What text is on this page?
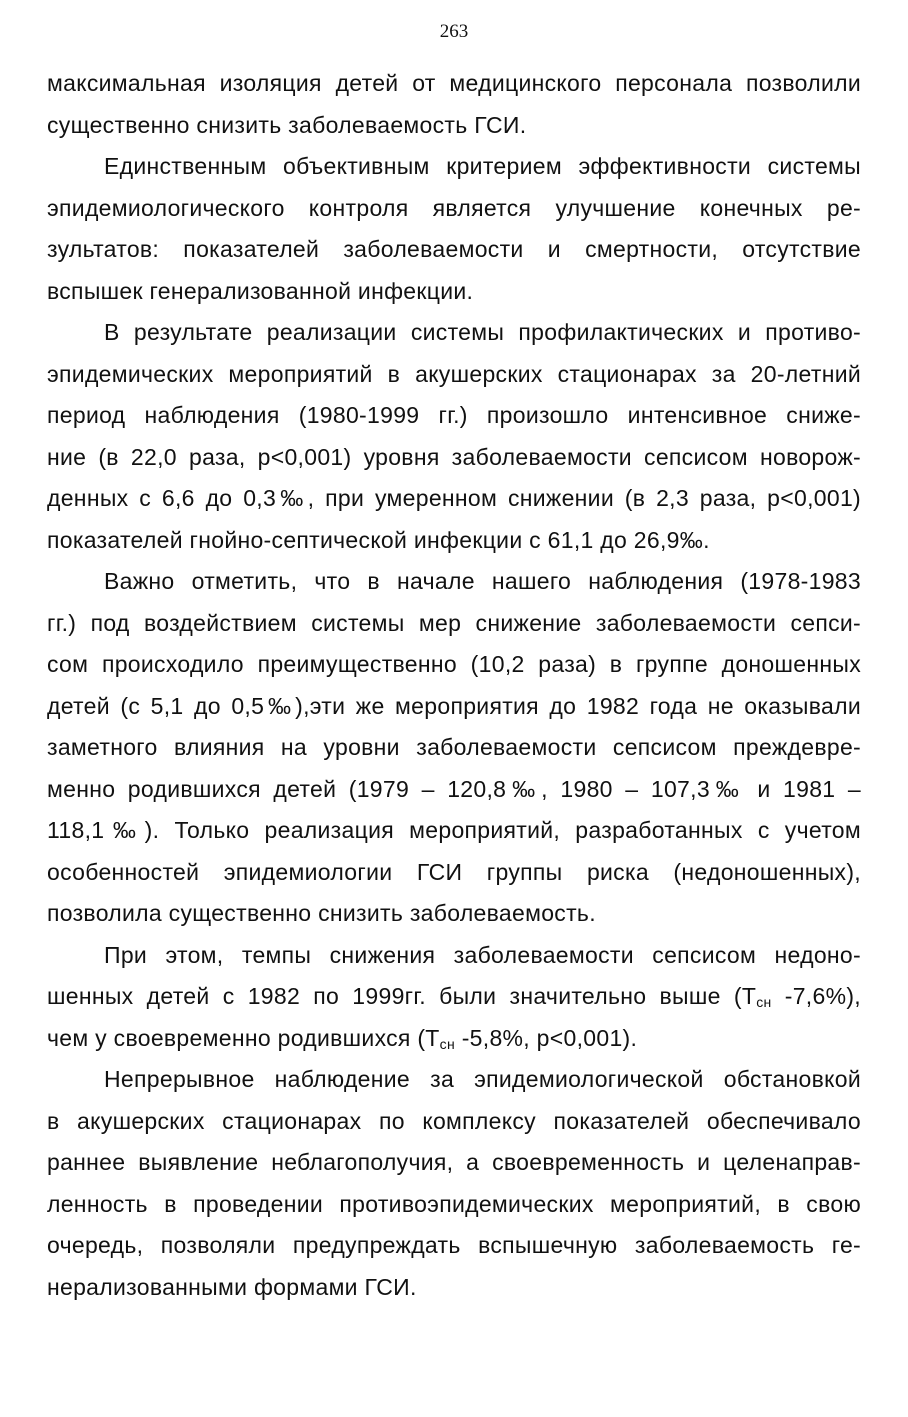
263
максимальная изоляция детей от медицинского персонала позволили
существенно снизить заболеваемость ГСИ.
Единственным объективным критерием эффективности системы
эпидемиологического контроля является улучшение конечных ре-
зультатов: показателей заболеваемости и смертности, отсутствие
вспышек генерализованной инфекции.
В результате реализации системы профилактических и противо-
эпидемических мероприятий в акушерских стационарах за 20-летний
период наблюдения (1980-1999 гг.) произошло интенсивное сниже-
ние (в 22,0 раза, р<0,001) уровня заболеваемости сепсисом новорож-
денных с 6,6 до 0,3‰, при умеренном снижении (в 2,3 раза, р<0,001)
показателей гнойно-септической инфекции с 61,1 до 26,9‰.
Важно отметить, что в начале нашего наблюдения (1978-1983
гг.) под воздействием системы мер снижение заболеваемости сепси-
сом происходило преимущественно (10,2 раза) в группе доношенных
детей (с 5,1 до 0,5‰),эти же мероприятия до 1982 года не оказывали
заметного влияния на уровни заболеваемости сепсисом преждевре-
менно родившихся детей (1979 – 120,8‰, 1980 – 107,3‰ и 1981 –
118,1‰). Только реализация мероприятий, разработанных с учетом
особенностей эпидемиологии ГСИ группы риска (недоношенных),
позволила существенно снизить заболеваемость.
При этом, темпы снижения заболеваемости сепсисом недоно-
шенных детей с 1982 по 1999гг. были значительно выше ($Т_{сн}$ -7,6%),
чем у своевременно родившихся ($Т_{сн}$ -5,8%, р<0,001).
Непрерывное наблюдение за эпидемиологической обстановкой
в акушерских стационарах по комплексу показателей обеспечивало
раннее выявление неблагополучия, а своевременность и целенаправ-
ленность в проведении противоэпидемических мероприятий, в свою
очередь, позволяли предупреждать вспышечную заболеваемость ге-
нерализованными формами ГСИ.
